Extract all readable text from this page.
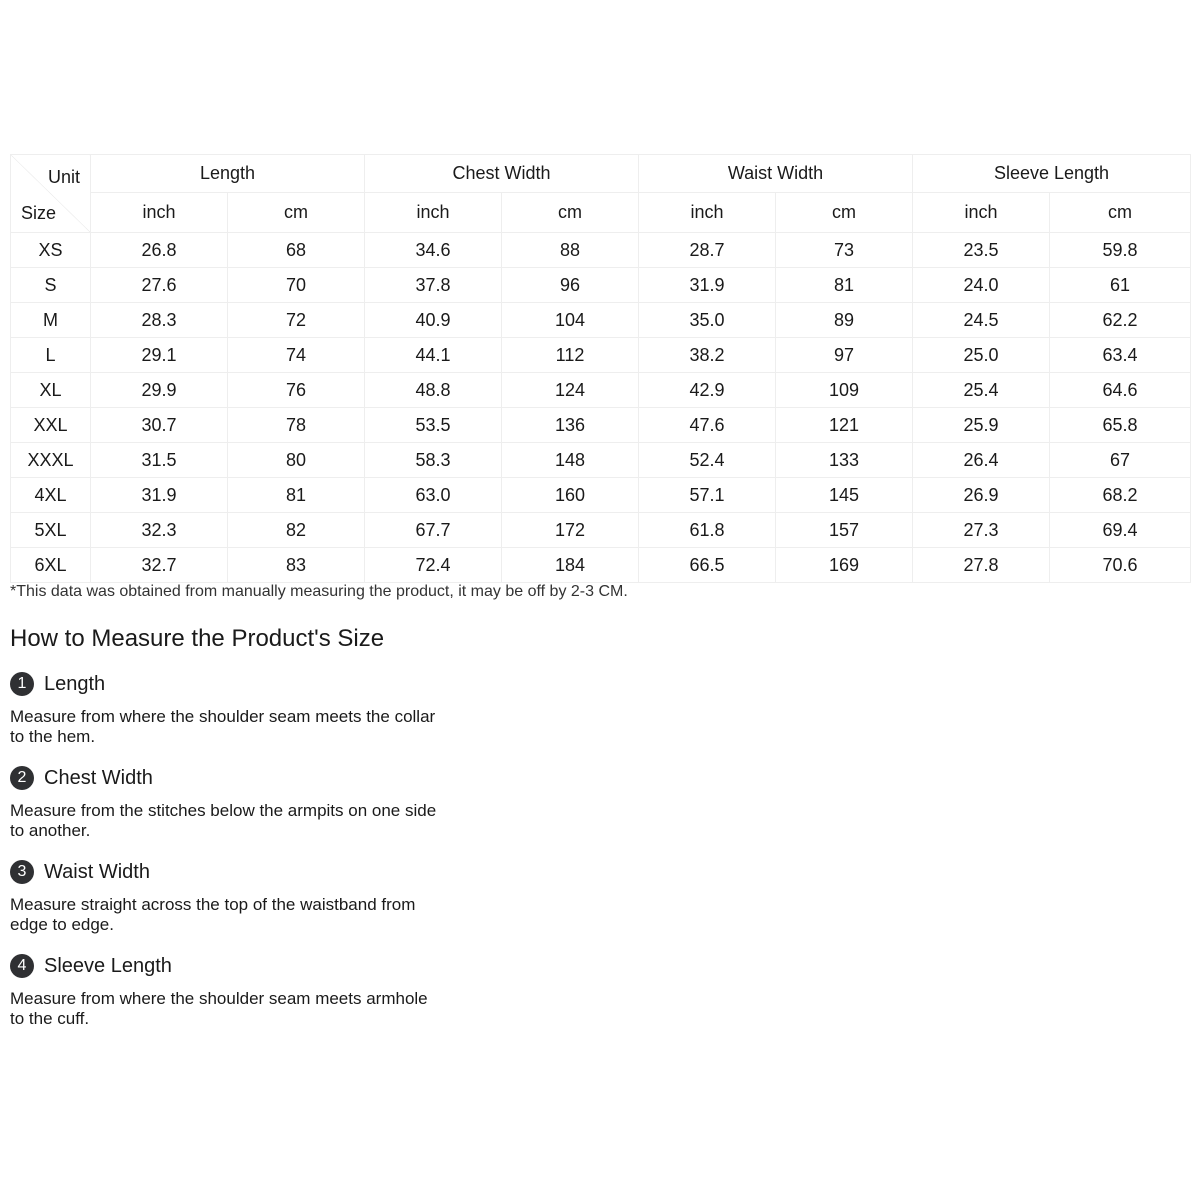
Unit
Size	Length		Chest Width		Waist Width		Sleeve Length	
	inch	cm	inch	cm	inch	cm	inch	cm
XS	26.8	68	34.6	88	28.7	73	23.5	59.8
S	27.6	70	37.8	96	31.9	81	24.0	61
M	28.3	72	40.9	104	35.0	89	24.5	62.2
L	29.1	74	44.1	112	38.2	97	25.0	63.4
XL	29.9	76	48.8	124	42.9	109	25.4	64.6
XXL	30.7	78	53.5	136	47.6	121	25.9	65.8
XXXL	31.5	80	58.3	148	52.4	133	26.4	67
4XL	31.9	81	63.0	160	57.1	145	26.9	68.2
5XL	32.3	82	67.7	172	61.8	157	27.3	69.4
6XL	32.7	83	72.4	184	66.5	169	27.8	70.6

*This data was obtained from manually measuring the product, it may be off by 2-3 CM.

How to Measure the Product's Size
1 Length

Measure from where the shoulder seam meets the collar to the hem.

2 Chest Width

Measure from the stitches below the armpits on one side to another.

3 Waist Width

Measure straight across the top of the waistband from edge to edge.

4 Sleeve Length

Measure from where the shoulder seam meets armhole to the cuff.
